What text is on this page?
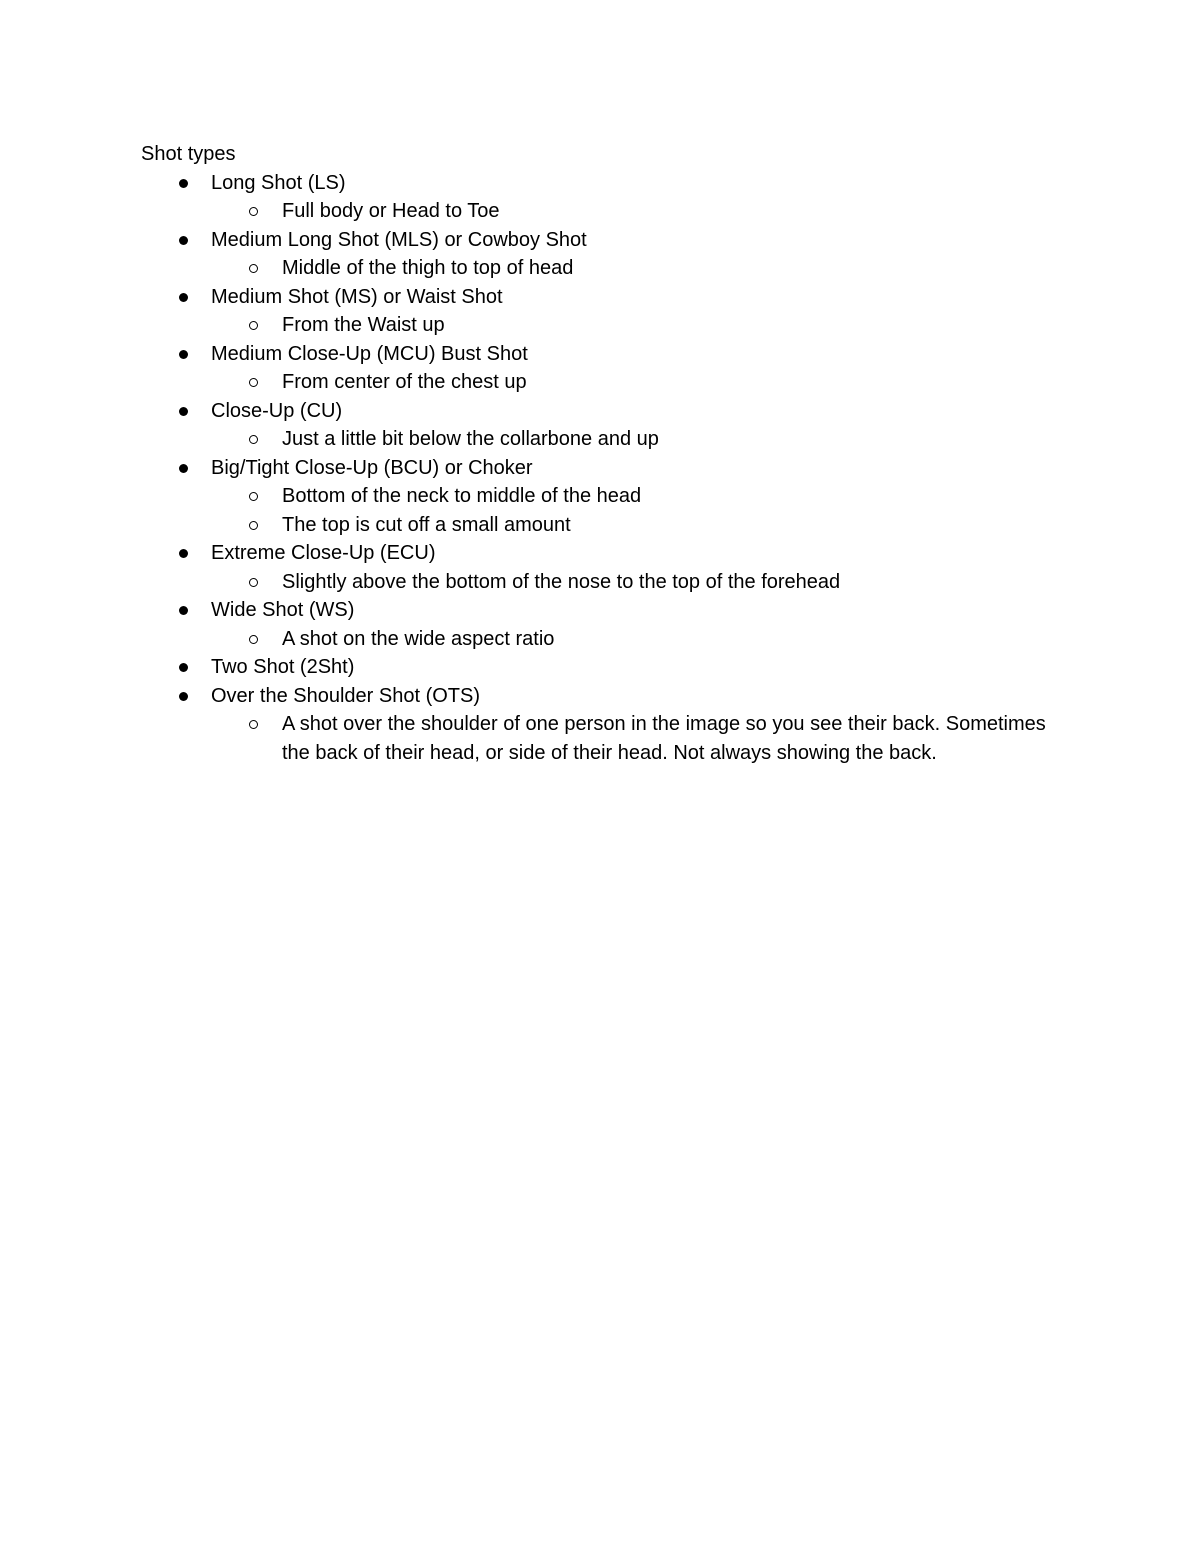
Shot types
Long Shot (LS)
Full body or Head to Toe
Medium Long Shot (MLS) or Cowboy Shot
Middle of the thigh to top of head
Medium Shot (MS) or Waist Shot
From the Waist up
Medium Close-Up (MCU) Bust Shot
From center of the chest up
Close-Up (CU)
Just a little bit below the collarbone and up
Big/Tight Close-Up (BCU) or Choker
Bottom of the neck to middle of the head
The top is cut off a small amount
Extreme Close-Up (ECU)
Slightly above the bottom of the nose to the top of the forehead
Wide Shot (WS)
A shot on the wide aspect ratio
Two Shot (2Sht)
Over the Shoulder Shot (OTS)
A shot over the shoulder of one person in the image so you see their back. Sometimes the back of their head, or side of their head. Not always showing the back.
